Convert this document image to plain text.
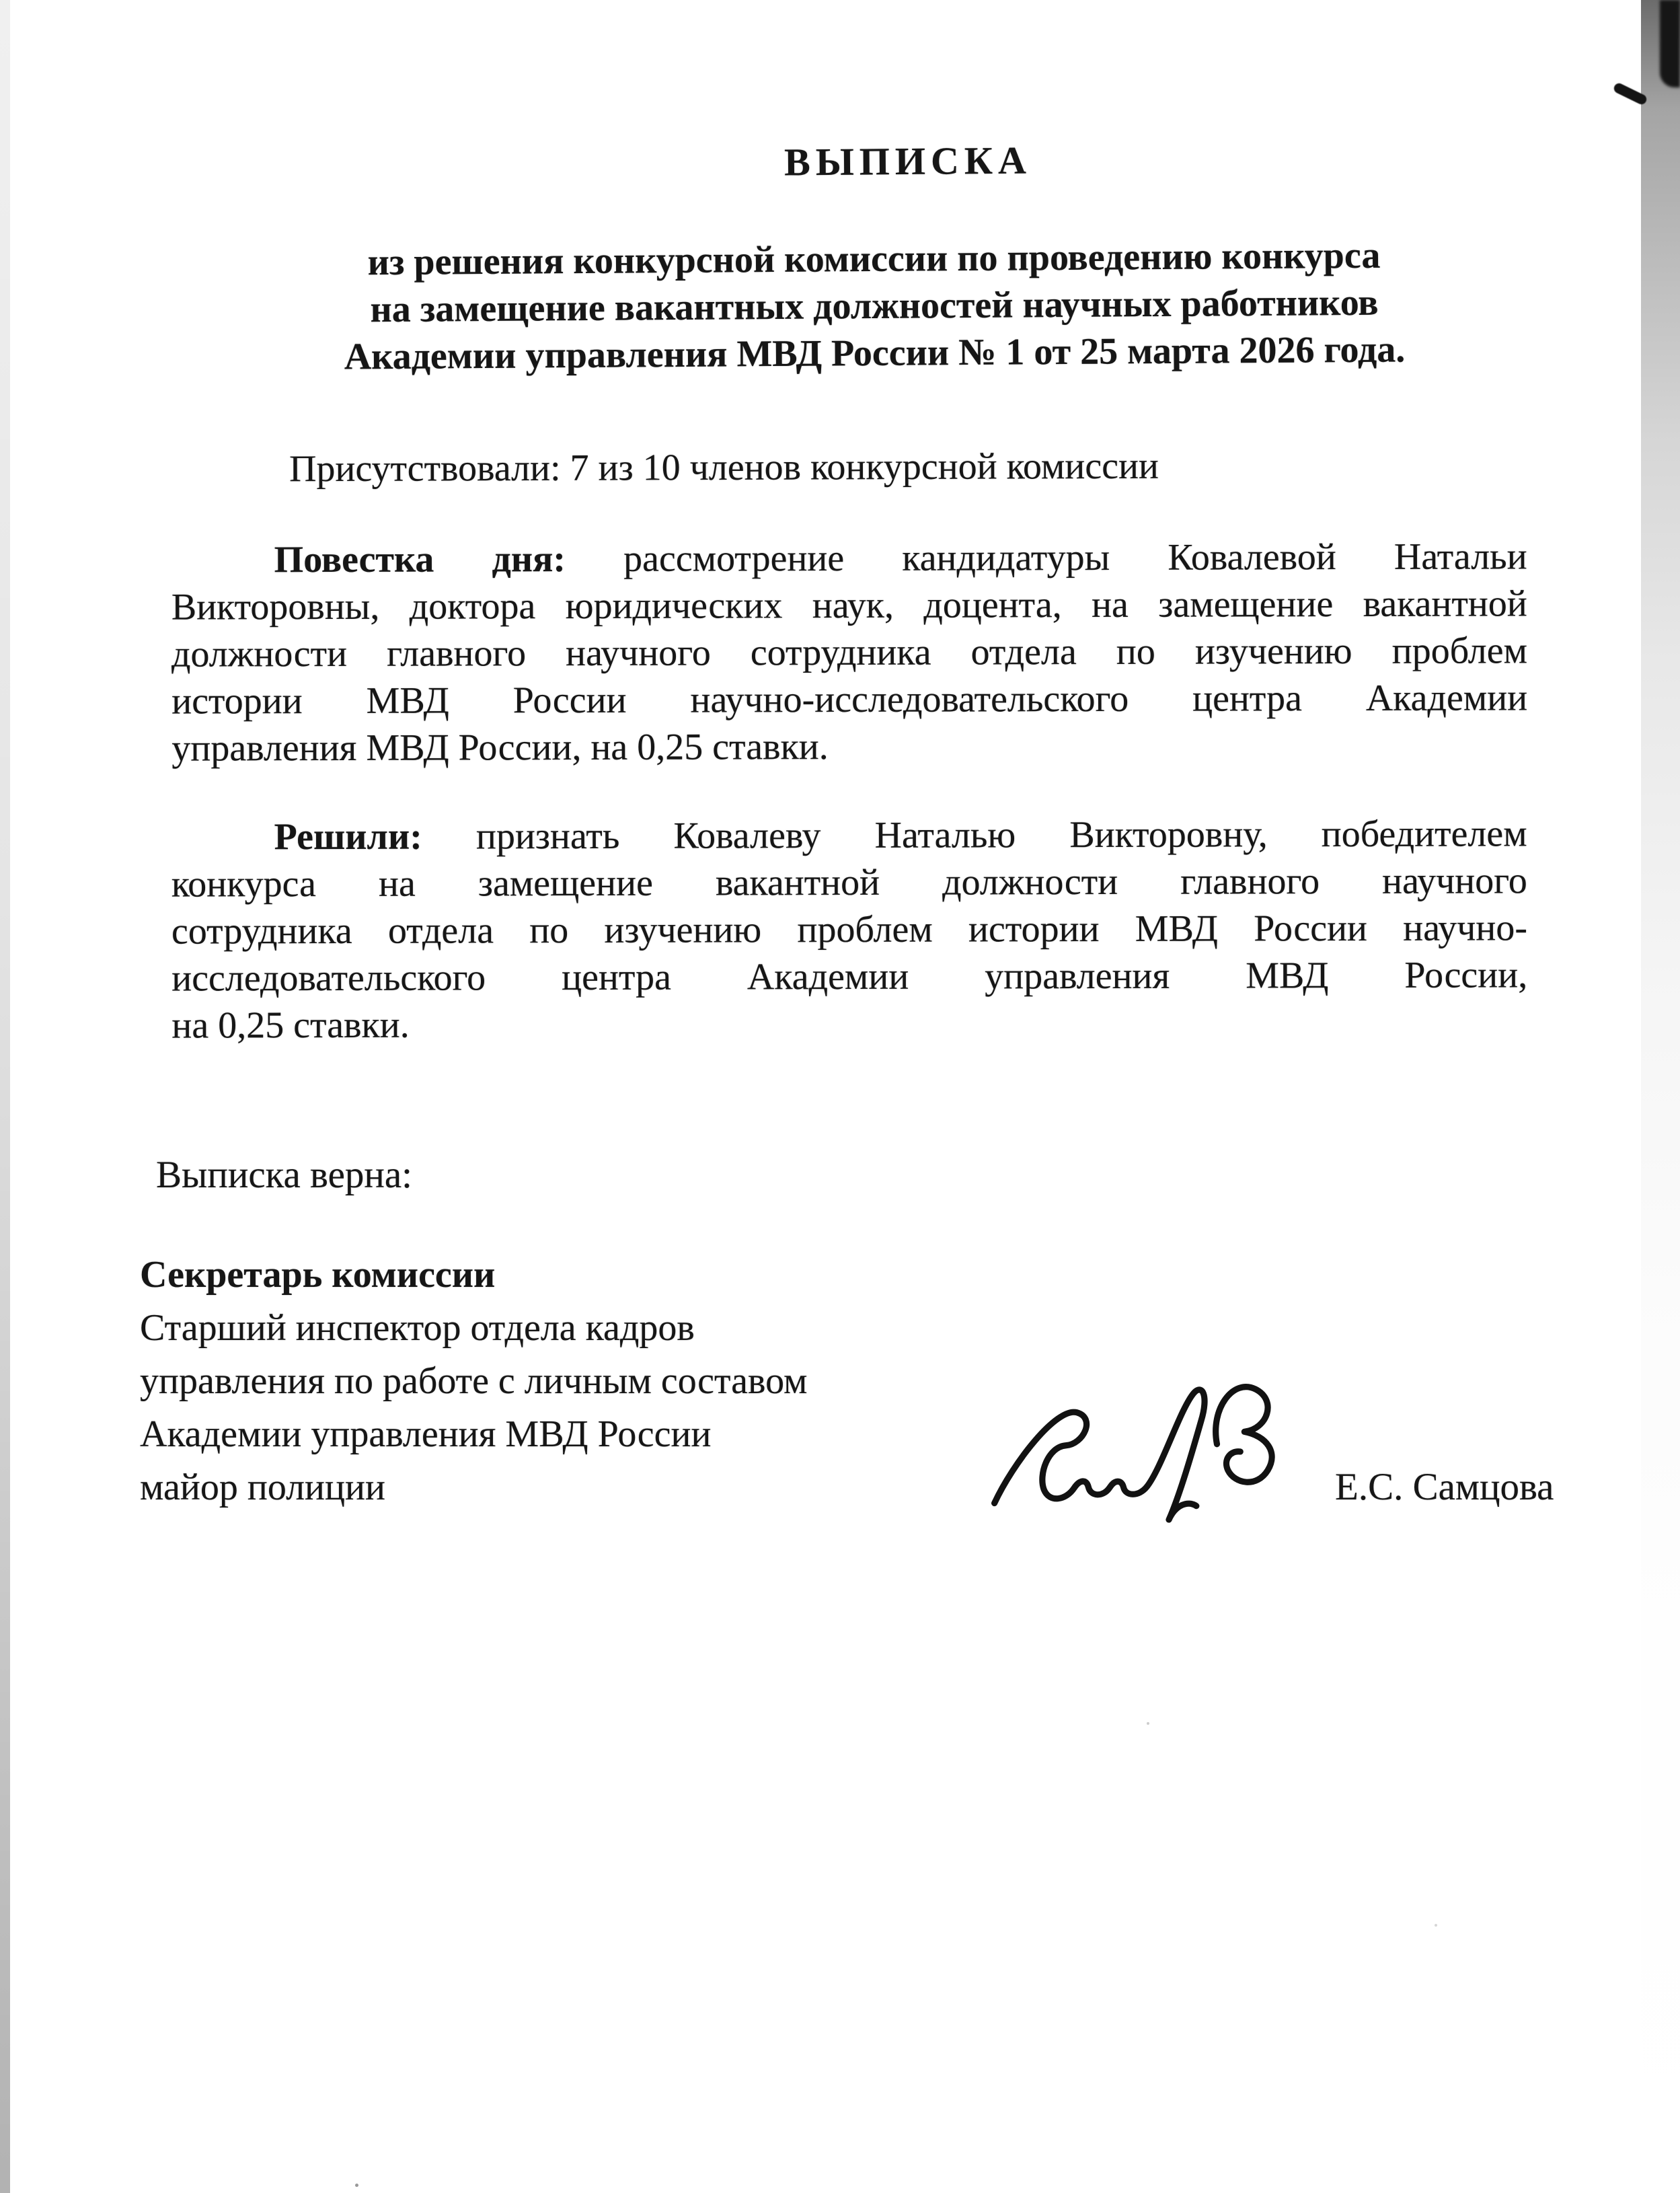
ВЫПИСКА
из решения конкурсной комиссии по проведению конкурса
на замещение вакантных должностей научных работников
Академии управления МВД России № 1 от 25 марта 2026 года.
Присутствовали: 7 из 10 членов конкурсной комиссии
Повестка дня: рассмотрение кандидатуры Ковалевой Натальи
Викторовны, доктора юридических наук, доцента, на замещение вакантной
должности главного научного сотрудника отдела по изучению проблем
истории МВД России научно-исследовательского центра Академии
управления МВД России, на 0,25 ставки.
Решили: признать Ковалеву Наталью Викторовну, победителем
конкурса на замещение вакантной должности главного научного
сотрудника отдела по изучению проблем истории МВД России научно-
исследовательского центра Академии управления МВД России,
на 0,25 ставки.
Выписка верна:
Секретарь комиссии
Старший инспектор отдела кадров
управления по работе с личным составом
Академии управления МВД России
майор полиции	Е.С. Самцова
